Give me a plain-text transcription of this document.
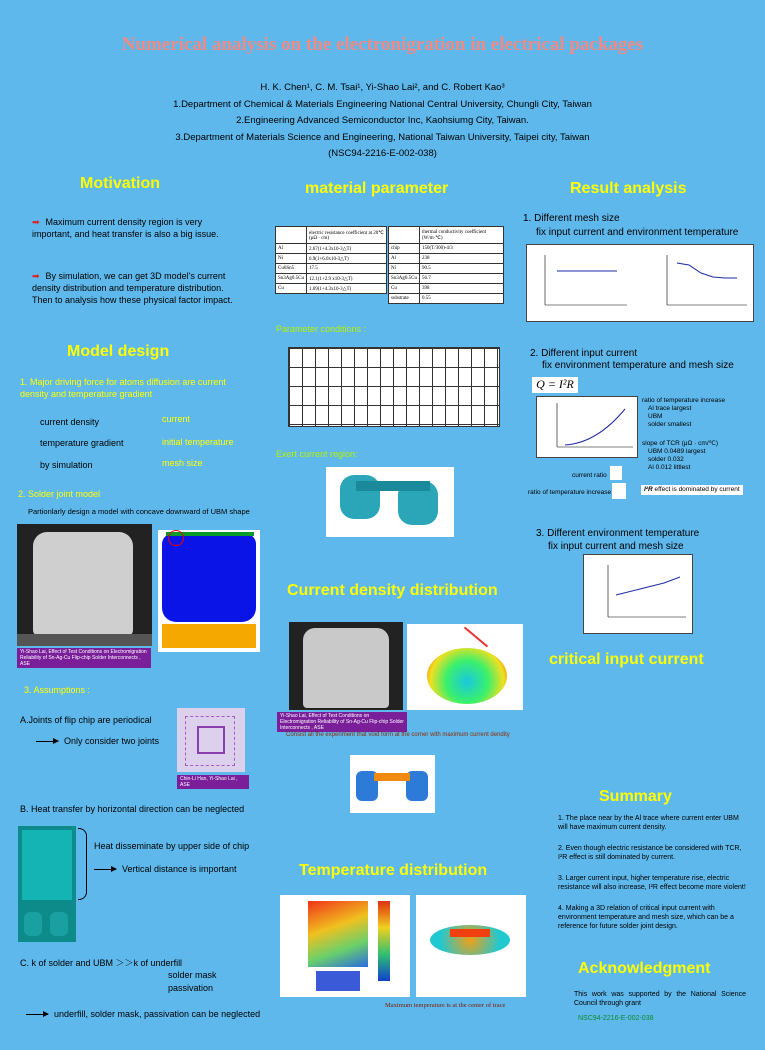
Numerical analysis on the electronigration in electrical packages
H. K. Chen¹, C. M. Tsai¹, Yi-Shao Lai², and C. Robert Kao³
1.Department of Chemical & Materials Engineering National Central University, Chungli City, Taiwan
2.Engineering Advanced Semiconductor Inc, Kaohsiumg City, Taiwan.
3.Department of Materials Science and Engineering, National Taiwan University, Taipei city, Taiwan
(NSC94-2216-E-002-038)
Motivation
➡ Maximum current density region is very important, and heat transfer is also a big issue.
➡ By simulation, we can get 3D model's current density distribution and temperature distribution. Then to analysis how these physical factor impact.
Model design
1. Major driving force for atoms diffusion are current density and temperature gradient
current density	current
temperature gradient	initial temperature
by simulation	mesh size
2. Solder joint model
Partionlarly design a model with concave downward of UBM shape
Yi-Shao Lai, Effect of Test Conditions on Electromigration Reliability of Sn-Ag-Cu Flip-chip Solder Interconnects , ASE
3. Assumptions :
A.Joints of flip chip are periodical
Only consider two joints
Chin-Li Han, Yi-Shao Lai , ASE
B. Heat transfer by horizontal direction can be neglected
Heat disseminate by upper side of chip
Vertical distance is important
C. k of solder and UBM ＞＞k of underfill
solder mask
passivation
underfill, solder mask, passivation can be neglected
material parameter
	electric resistance coefficient at 20℃ (μΩ · cm)
Al	2.67(1+4.3x10-3△T)
Ni	6.9(1+6.0x10-3△T)
Cu6Sn5	17.5
Sn3Ag0.5Cu	12.1(1+2.9 x10-3△T)
Cu	1.69(1+4.3x10-3△T)
	thermal conductivity coefficient (W/m·℃)
chip	150(T/300)-4/3
Al	238
Ni	90.5
Sn3Ag0.5Cu	56.7
Cu	398
substrate	0.55
Parameter conditions :
Exert current region:
Current density distribution
Yi-Shao Lai, Effect of Test Conditions on Electromigration Reliability of Sn-Ag-Cu Flip-chip Solder Interconnects , ASE
Consist all the experiment that void form at the corner with maximum current dendity
Temperature distribution
Maximum temperature is at the center of trace
Result analysis
1. Different mesh size
fix input current and environment temperature
2. Different input current
fix environment temperature and mesh size
Q = I²R
ratio of temperature increase
Al trace largest
UBM
solder smallest
slope of TCR (μΩ · cm/℃)
UBM 0.0489 largest
solder 0.032
Al 0.012 littlest
current ratio
ratio of temperature increase	I²R effect is dominated by current
3. Different environment temperature
fix input current and mesh size
critical input current
Summary
1. The place near by the Al trace where current enter UBM will have maximum current density.
2. Even though electric resistance be considered with TCR, I²R effect is still dominated by current.
3. Larger current input, higher temperature rise, electric resistance will also increase, I²R effect become more violent!
4. Making a 3D relation of critical input current with environment temperature and mesh size, which can be a reference for future solder joint design.
Acknowledgment
This work was supported by the National Science Council through grant
NSC94-2216-E-002-038
